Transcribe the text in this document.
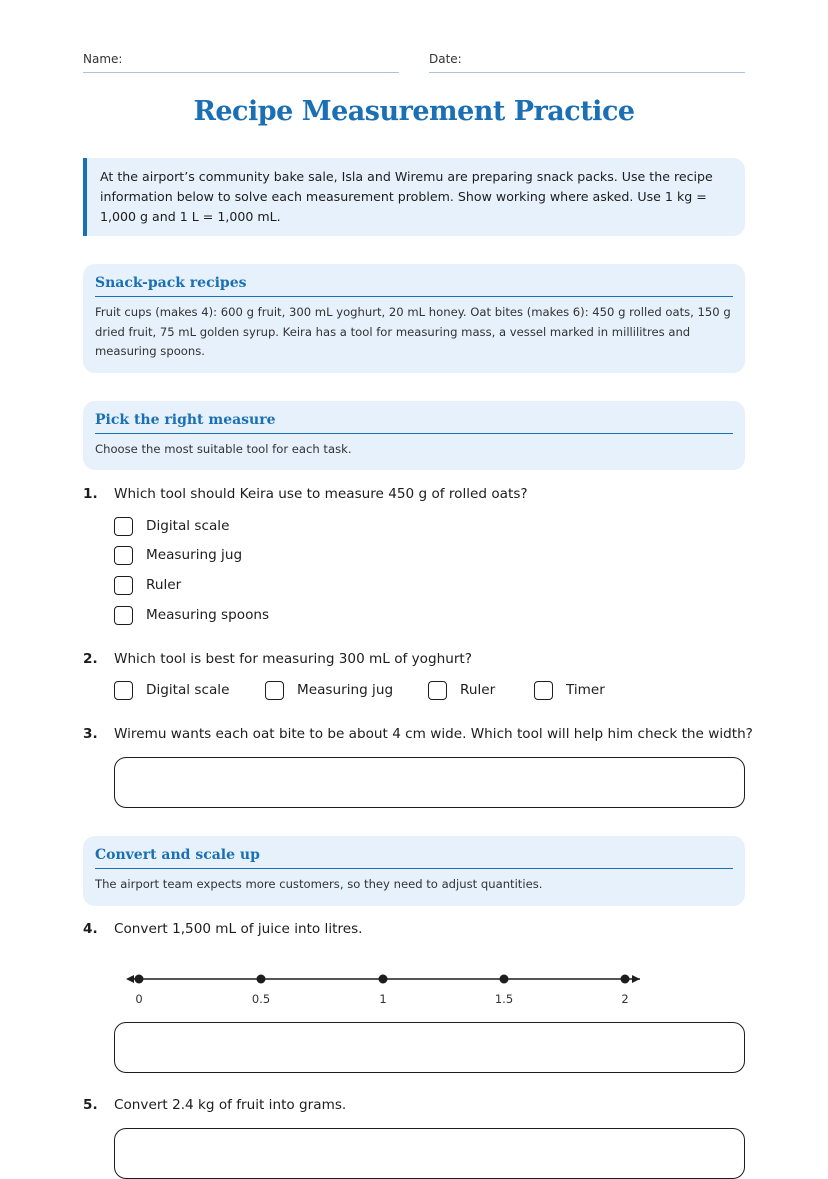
Name:	Date:
Recipe Measurement Practice
At the airport’s community bake sale, Isla and Wiremu are preparing snack packs. Use the recipe information below to solve each measurement problem. Show working where asked. Use 1 kg = 1,000 g and 1 L = 1,000 mL.
Snack-pack recipes
Fruit cups (makes 4): 600 g fruit, 300 mL yoghurt, 20 mL honey. Oat bites (makes 6): 450 g rolled oats, 150 g dried fruit, 75 mL golden syrup. Keira has a tool for measuring mass, a vessel marked in millilitres and measuring spoons.
Pick the right measure
Choose the most suitable tool for each task.
1. Which tool should Keira use to measure 450 g of rolled oats?
Digital scale
Measuring jug
Ruler
Measuring spoons
2. Which tool is best for measuring 300 mL of yoghurt?
Digital scale	Measuring jug	Ruler	Timer
3. Wiremu wants each oat bite to be about 4 cm wide. Which tool will help him check the width?
Convert and scale up
The airport team expects more customers, so they need to adjust quantities.
4. Convert 1,500 mL of juice into litres.
0	0.5	1	1.5	2
5. Convert 2.4 kg of fruit into grams.
